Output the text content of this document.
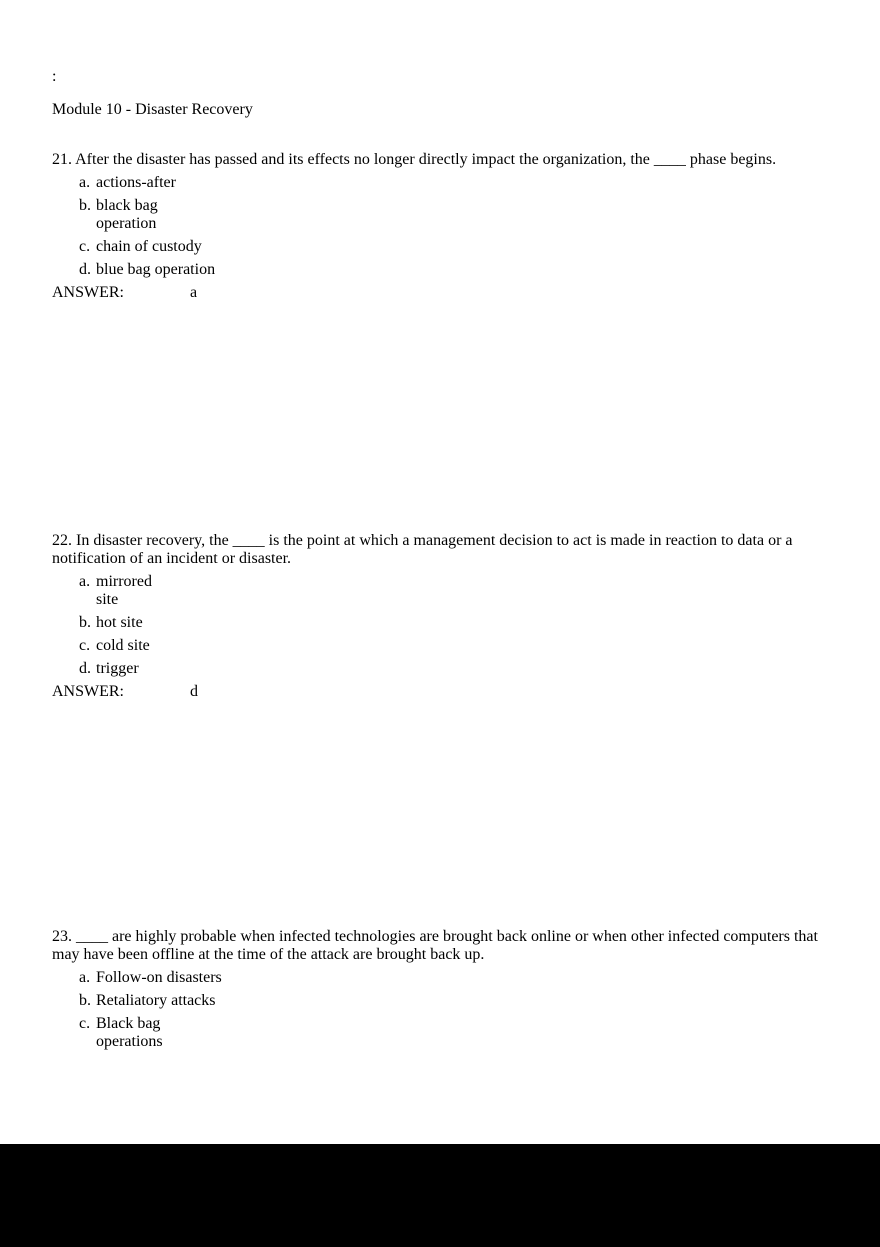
:
Module 10 - Disaster Recovery
21. After the disaster has passed and its effects no longer directly impact the organization, the ____ phase begins.
a. actions-after
b. black bag
operation
c. chain of custody
d. blue bag operation
ANSWER:	a
22. In disaster recovery, the ____ is the point at which a management decision to act is made in reaction to data or a
notification of an incident or disaster.
a. mirrored
site
b. hot site
c. cold site
d. trigger
ANSWER:	d
23. ____ are highly probable when infected technologies are brought back online or when other infected computers that
may have been offline at the time of the attack are brought back up.
a. Follow-on disasters
b. Retaliatory attacks
c. Black bag
operations
